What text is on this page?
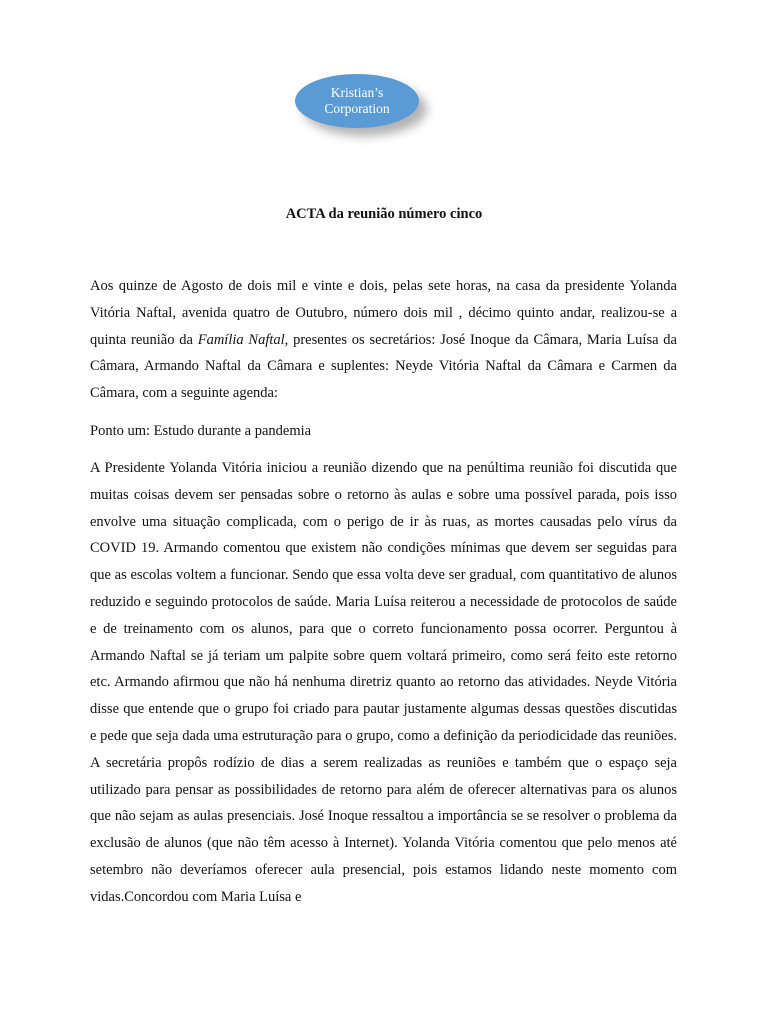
Kristian’s
Corporation
ACTA da reunião número cinco

Aos quinze de Agosto de dois mil e vinte e dois, pelas sete horas, na casa da presidente Yolanda Vitória Naftal, avenida quatro de Outubro, número dois mil , décimo quinto andar, realizou-se a quinta reunião da Família Naftal, presentes os secretários: José Inoque da Câmara, Maria Luísa da Câmara, Armando Naftal da Câmara e suplentes: Neyde Vitória Naftal da Câmara e Carmen da Câmara, com a seguinte agenda:

Ponto um: Estudo durante a pandemia

A Presidente Yolanda Vitória iniciou a reunião dizendo que na penúltima reunião foi discutida que muitas coisas devem ser pensadas sobre o retorno às aulas e sobre uma possível parada, pois isso envolve uma situação complicada, com o perigo de ir às ruas, as mortes causadas pelo vírus da COVID 19. Armando comentou que existem não condições mínimas que devem ser seguidas para que as escolas voltem a funcionar. Sendo que essa volta deve ser gradual, com quantitativo de alunos reduzido e seguindo protocolos de saúde. Maria Luísa reiterou a necessidade de protocolos de saúde e de treinamento com os alunos, para que o correto funcionamento possa ocorrer. Perguntou à Armando Naftal se já teriam um palpite sobre quem voltará primeiro, como será feito este retorno etc. Armando afirmou que não há nenhuma diretriz quanto ao retorno das atividades. Neyde Vitória disse que entende que o grupo foi criado para pautar justamente algumas dessas questões discutidas e pede que seja dada uma estruturação para o grupo, como a definição da periodicidade das reuniões. A secretária propôs rodízio de dias a serem realizadas as reuniões e também que o espaço seja utilizado para pensar as possibilidades de retorno para além de oferecer alternativas para os alunos que não sejam as aulas presenciais. José Inoque ressaltou a importância se se resolver o problema da exclusão de alunos (que não têm acesso à Internet). Yolanda Vitória comentou que pelo menos até setembro não deveríamos oferecer aula presencial, pois estamos lidando neste momento com vidas.Concordou com Maria Luísa e
